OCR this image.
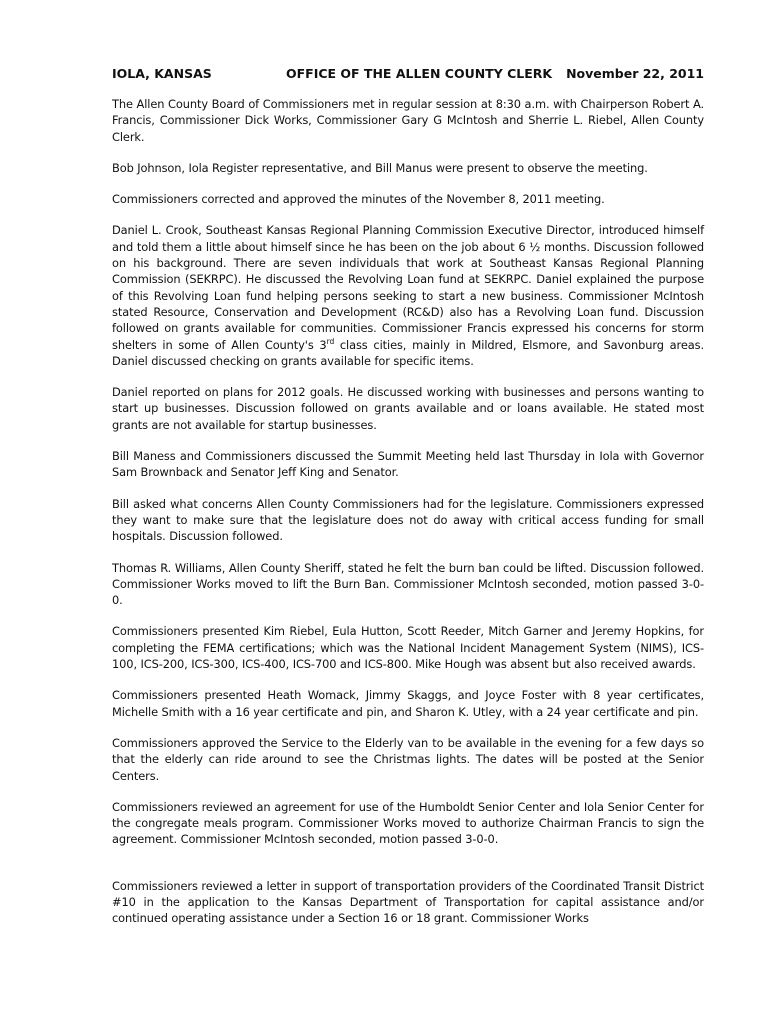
IOLA, KANSAS	OFFICE OF THE ALLEN COUNTY CLERK November 22, 2011

The Allen County Board of Commissioners met in regular session at 8:30 a.m. with Chairperson Robert A. Francis, Commissioner Dick Works, Commissioner Gary G McIntosh and Sherrie L. Riebel, Allen County Clerk.

Bob Johnson, Iola Register representative, and Bill Manus were present to observe the meeting.

Commissioners corrected and approved the minutes of the November 8, 2011 meeting.

Daniel L. Crook, Southeast Kansas Regional Planning Commission Executive Director, introduced himself and told them a little about himself since he has been on the job about 6 ½ months. Discussion followed on his background. There are seven individuals that work at Southeast Kansas Regional Planning Commission (SEKRPC). He discussed the Revolving Loan fund at SEKRPC. Daniel explained the purpose of this Revolving Loan fund helping persons seeking to start a new business. Commissioner McIntosh stated Resource, Conservation and Development (RC&D) also has a Revolving Loan fund. Discussion followed on grants available for communities. Commissioner Francis expressed his concerns for storm shelters in some of Allen County's 3rd class cities, mainly in Mildred, Elsmore, and Savonburg areas. Daniel discussed checking on grants available for specific items.

Daniel reported on plans for 2012 goals. He discussed working with businesses and persons wanting to start up businesses. Discussion followed on grants available and or loans available. He stated most grants are not available for startup businesses.

Bill Maness and Commissioners discussed the Summit Meeting held last Thursday in Iola with Governor Sam Brownback and Senator Jeff King and Senator.

Bill asked what concerns Allen County Commissioners had for the legislature. Commissioners expressed they want to make sure that the legislature does not do away with critical access funding for small hospitals. Discussion followed.

Thomas R. Williams, Allen County Sheriff, stated he felt the burn ban could be lifted. Discussion followed. Commissioner Works moved to lift the Burn Ban. Commissioner McIntosh seconded, motion passed 3-0-0.

Commissioners presented Kim Riebel, Eula Hutton, Scott Reeder, Mitch Garner and Jeremy Hopkins, for completing the FEMA certifications; which was the National Incident Management System (NIMS), ICS-100, ICS-200, ICS-300, ICS-400, ICS-700 and ICS-800. Mike Hough was absent but also received awards.

Commissioners presented Heath Womack, Jimmy Skaggs, and Joyce Foster with 8 year certificates, Michelle Smith with a 16 year certificate and pin, and Sharon K. Utley, with a 24 year certificate and pin.

Commissioners approved the Service to the Elderly van to be available in the evening for a few days so that the elderly can ride around to see the Christmas lights. The dates will be posted at the Senior Centers.

Commissioners reviewed an agreement for use of the Humboldt Senior Center and Iola Senior Center for the congregate meals program. Commissioner Works moved to authorize Chairman Francis to sign the agreement. Commissioner McIntosh seconded, motion passed 3-0-0.

Commissioners reviewed a letter in support of transportation providers of the Coordinated Transit District #10 in the application to the Kansas Department of Transportation for capital assistance and/or continued operating assistance under a Section 16 or 18 grant. Commissioner Works
